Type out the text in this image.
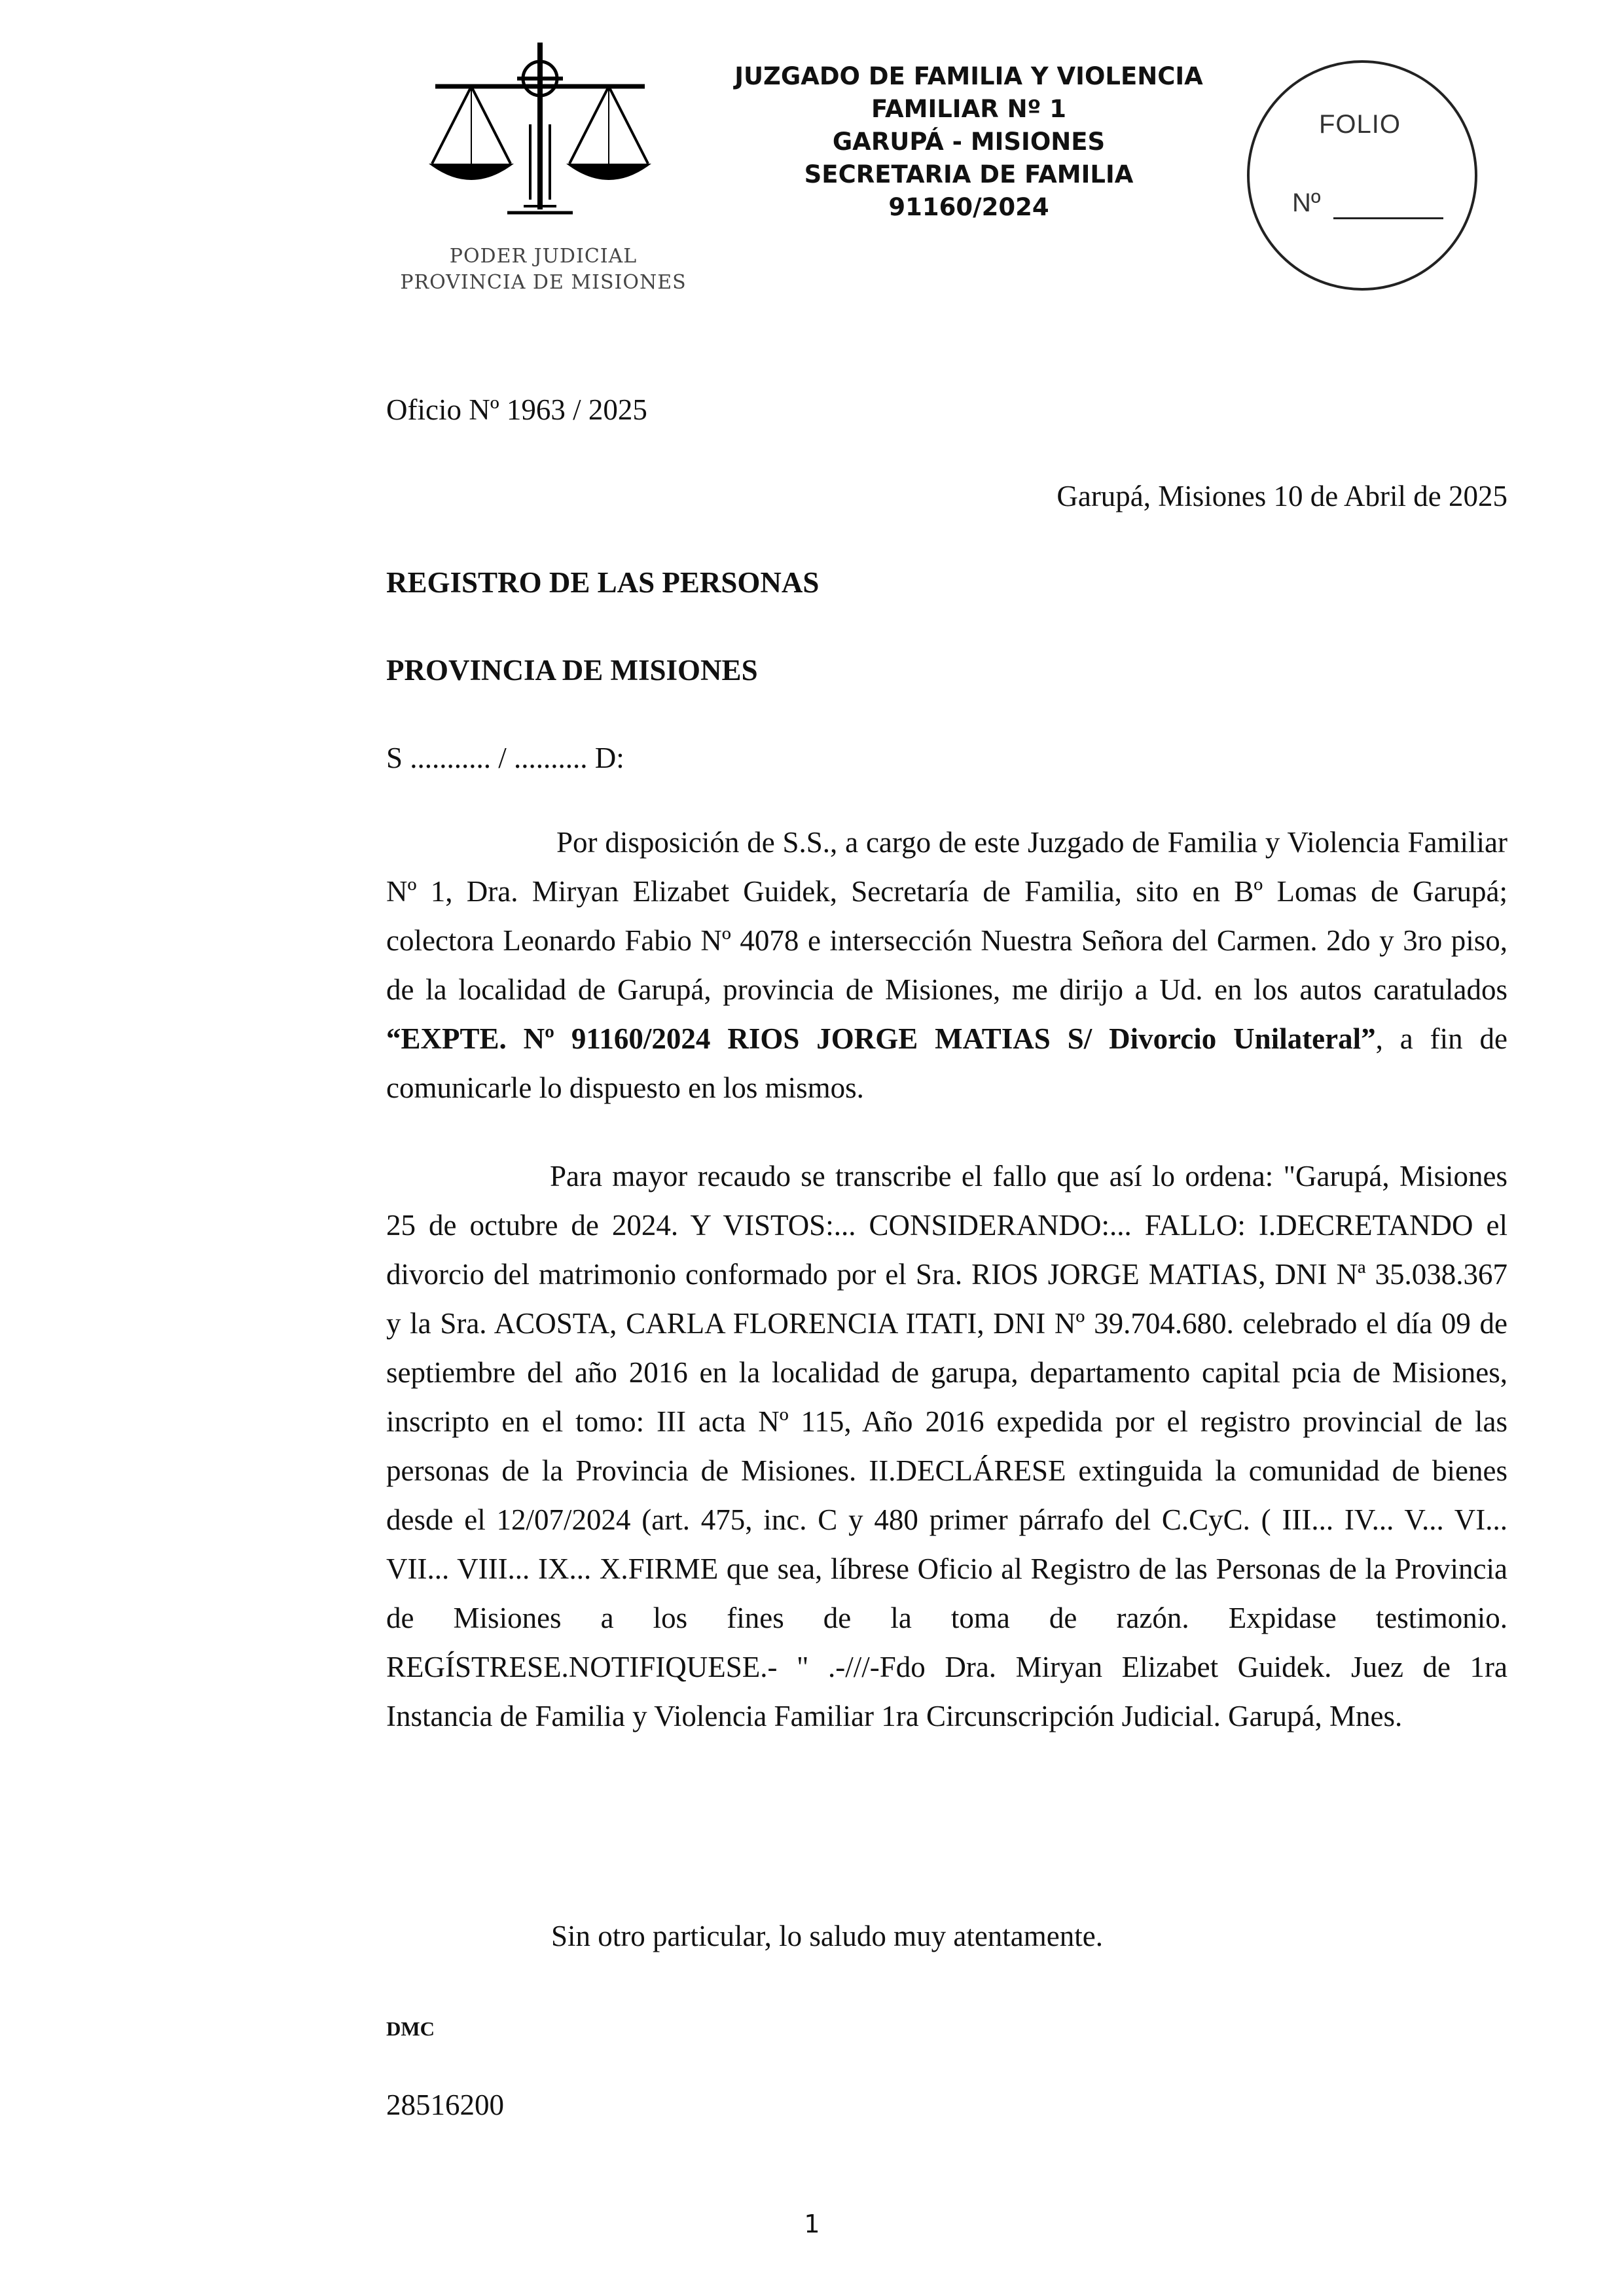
PODER JUDICIAL
PROVINCIA DE MISIONES
JUZGADO DE FAMILIA Y VIOLENCIA
FAMILIAR Nº 1
GARUPÁ - MISIONES
SECRETARIA DE FAMILIA
91160/2024
FOLIO
Nº
Oficio Nº 1963 / 2025
Garupá, Misiones 10 de Abril de 2025
REGISTRO DE LAS PERSONAS
PROVINCIA DE MISIONES
S ........... / .......... D:

Por disposición de S.S., a cargo de este Juzgado de Familia y Violencia Familiar Nº 1, Dra. Miryan Elizabet Guidek, Secretaría de Familia, sito en Bº Lomas de Garupá; colectora Leonardo Fabio Nº 4078 e intersección Nuestra Señora del Carmen. 2do y 3ro piso, de la localidad de Garupá, provincia de Misiones, me dirijo a Ud. en los autos caratulados “EXPTE. Nº 91160/2024 RIOS JORGE MATIAS S/ Divorcio Unilateral”, a fin de comunicarle lo dispuesto en los mismos.

Para mayor recaudo se transcribe el fallo que así lo ordena: "Garupá, Misiones 25 de octubre de 2024. Y VISTOS:... CONSIDERANDO:... FALLO: I.DECRETANDO el divorcio del matrimonio conformado por el Sra. RIOS JORGE MATIAS, DNI Nª 35.038.367 y la Sra. ACOSTA, CARLA FLORENCIA ITATI, DNI Nº 39.704.680. celebrado el día 09 de septiembre del año 2016 en la localidad de garupa, departamento capital pcia de Misiones, inscripto en el tomo: III acta Nº 115, Año 2016 expedida por el registro provincial de las personas de la Provincia de Misiones. II.DECLÁRESE extinguida la comunidad de bienes desde el 12/07/2024 (art. 475, inc. C y 480 primer párrafo del C.CyC. ( III... IV... V... VI... VII... VIII... IX... X.FIRME que sea, líbrese Oficio al Registro de las Personas de la Provincia de Misiones a los fines de la toma de razón. Expidase testimonio. REGÍSTRESE.NOTIFIQUESE.- " .-///-Fdo Dra. Miryan Elizabet Guidek. Juez de 1ra Instancia de Familia y Violencia Familiar 1ra Circunscripción Judicial. Garupá, Mnes.

Sin otro particular, lo saludo muy atentamente.
DMC
28516200
1
